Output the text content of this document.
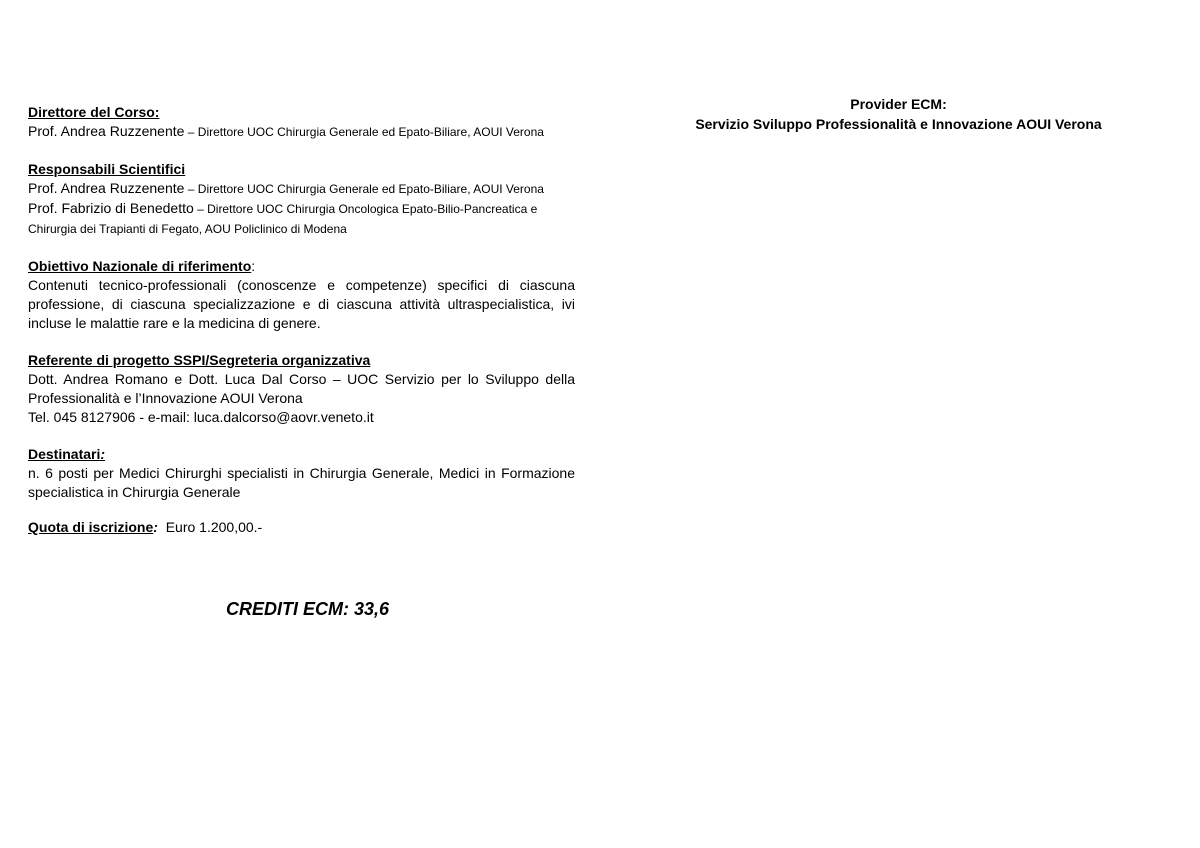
Direttore del Corso:
Prof. Andrea Ruzzenente – Direttore UOC Chirurgia Generale ed Epato-Biliare, AOUI Verona
Responsabili Scientifici
Prof. Andrea Ruzzenente – Direttore UOC Chirurgia Generale ed Epato-Biliare, AOUI Verona
Prof. Fabrizio di Benedetto – Direttore UOC Chirurgia Oncologica Epato-Bilio-Pancreatica e Chirurgia dei Trapianti di Fegato, AOU Policlinico di Modena
Obiettivo Nazionale di riferimento:
Contenuti tecnico-professionali (conoscenze e competenze) specifici di ciascuna professione, di ciascuna specializzazione e di ciascuna attività ultraspecialistica, ivi incluse le malattie rare e la medicina di genere.
Referente di progetto SSPI/Segreteria organizzativa
Dott. Andrea Romano e Dott. Luca Dal Corso – UOC Servizio per lo Sviluppo della Professionalità e l’Innovazione AOUI Verona
Tel. 045 8127906 - e-mail: luca.dalcorso@aovr.veneto.it
Destinatari:
n. 6 posti per Medici Chirurghi specialisti in Chirurgia Generale, Medici in Formazione specialistica in Chirurgia Generale
Quota di iscrizione:  Euro 1.200,00.-
CREDITI ECM: 33,6
Provider ECM:
Servizio Sviluppo Professionalità e Innovazione AOUI Verona
